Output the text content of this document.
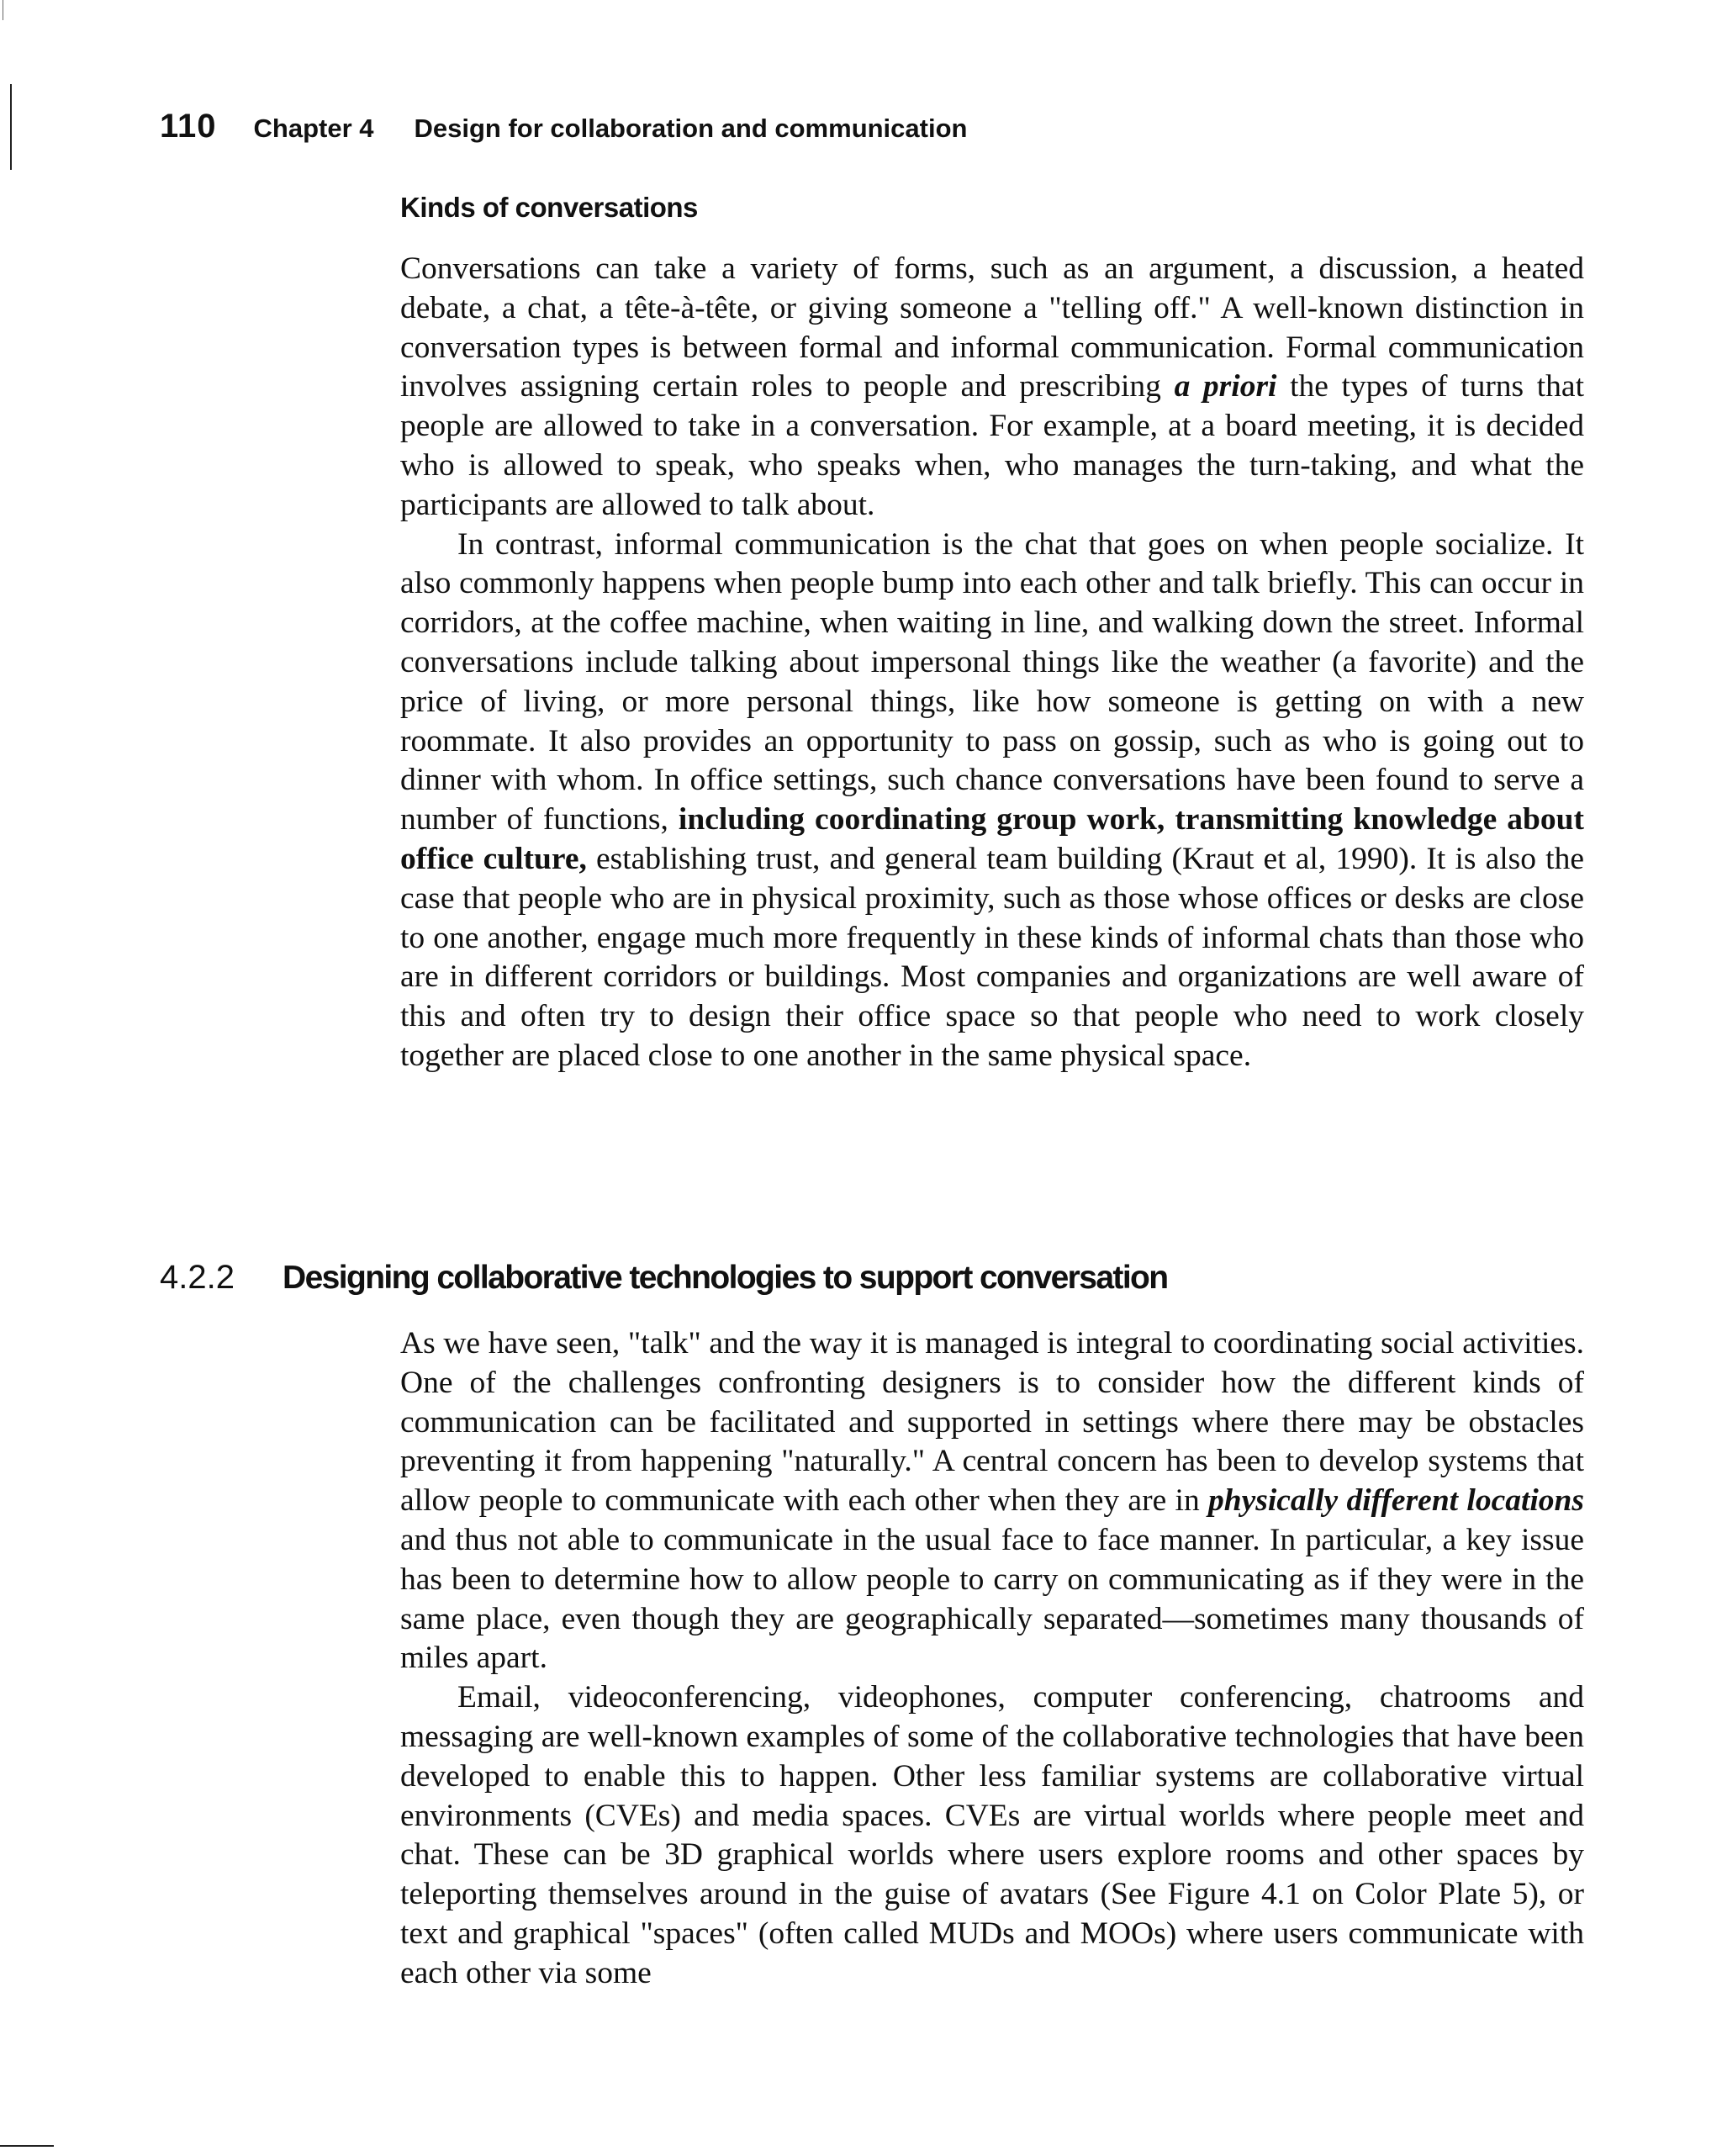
110 Chapter 4 Design for collaboration and communication
Kinds of conversations

Conversations can take a variety of forms, such as an argument, a discussion, a heated debate, a chat, a tête-à-tête, or giving someone a "telling off." A well-known distinction in conversation types is between formal and informal communication. Formal communication involves assigning certain roles to people and prescribing a priori the types of turns that people are allowed to take in a conversation. For example, at a board meeting, it is decided who is allowed to speak, who speaks when, who manages the turn-taking, and what the participants are allowed to talk about.

In contrast, informal communication is the chat that goes on when people socialize. It also commonly happens when people bump into each other and talk briefly. This can occur in corridors, at the coffee machine, when waiting in line, and walking down the street. Informal conversations include talking about impersonal things like the weather (a favorite) and the price of living, or more personal things, like how someone is getting on with a new roommate. It also provides an opportunity to pass on gossip, such as who is going out to dinner with whom. In office settings, such chance conversations have been found to serve a number of functions, including coordinating group work, transmitting knowledge about office culture, establishing trust, and general team building (Kraut et al, 1990). It is also the case that people who are in physical proximity, such as those whose offices or desks are close to one another, engage much more frequently in these kinds of informal chats than those who are in different corridors or buildings. Most companies and organizations are well aware of this and often try to design their office space so that people who need to work closely together are placed close to one another in the same physical space.

4.2.2	Designing collaborative technologies to support conversation

As we have seen, "talk" and the way it is managed is integral to coordinating social activities. One of the challenges confronting designers is to consider how the different kinds of communication can be facilitated and supported in settings where there may be obstacles preventing it from happening "naturally." A central concern has been to develop systems that allow people to communicate with each other when they are in physically different locations and thus not able to communicate in the usual face to face manner. In particular, a key issue has been to determine how to allow people to carry on communicating as if they were in the same place, even though they are geographically separated—sometimes many thousands of miles apart.

Email, videoconferencing, videophones, computer conferencing, chatrooms and messaging are well-known examples of some of the collaborative technologies that have been developed to enable this to happen. Other less familiar systems are collaborative virtual environments (CVEs) and media spaces. CVEs are virtual worlds where people meet and chat. These can be 3D graphical worlds where users explore rooms and other spaces by teleporting themselves around in the guise of avatars (See Figure 4.1 on Color Plate 5), or text and graphical "spaces" (often called MUDs and MOOs) where users communicate with each other via some
